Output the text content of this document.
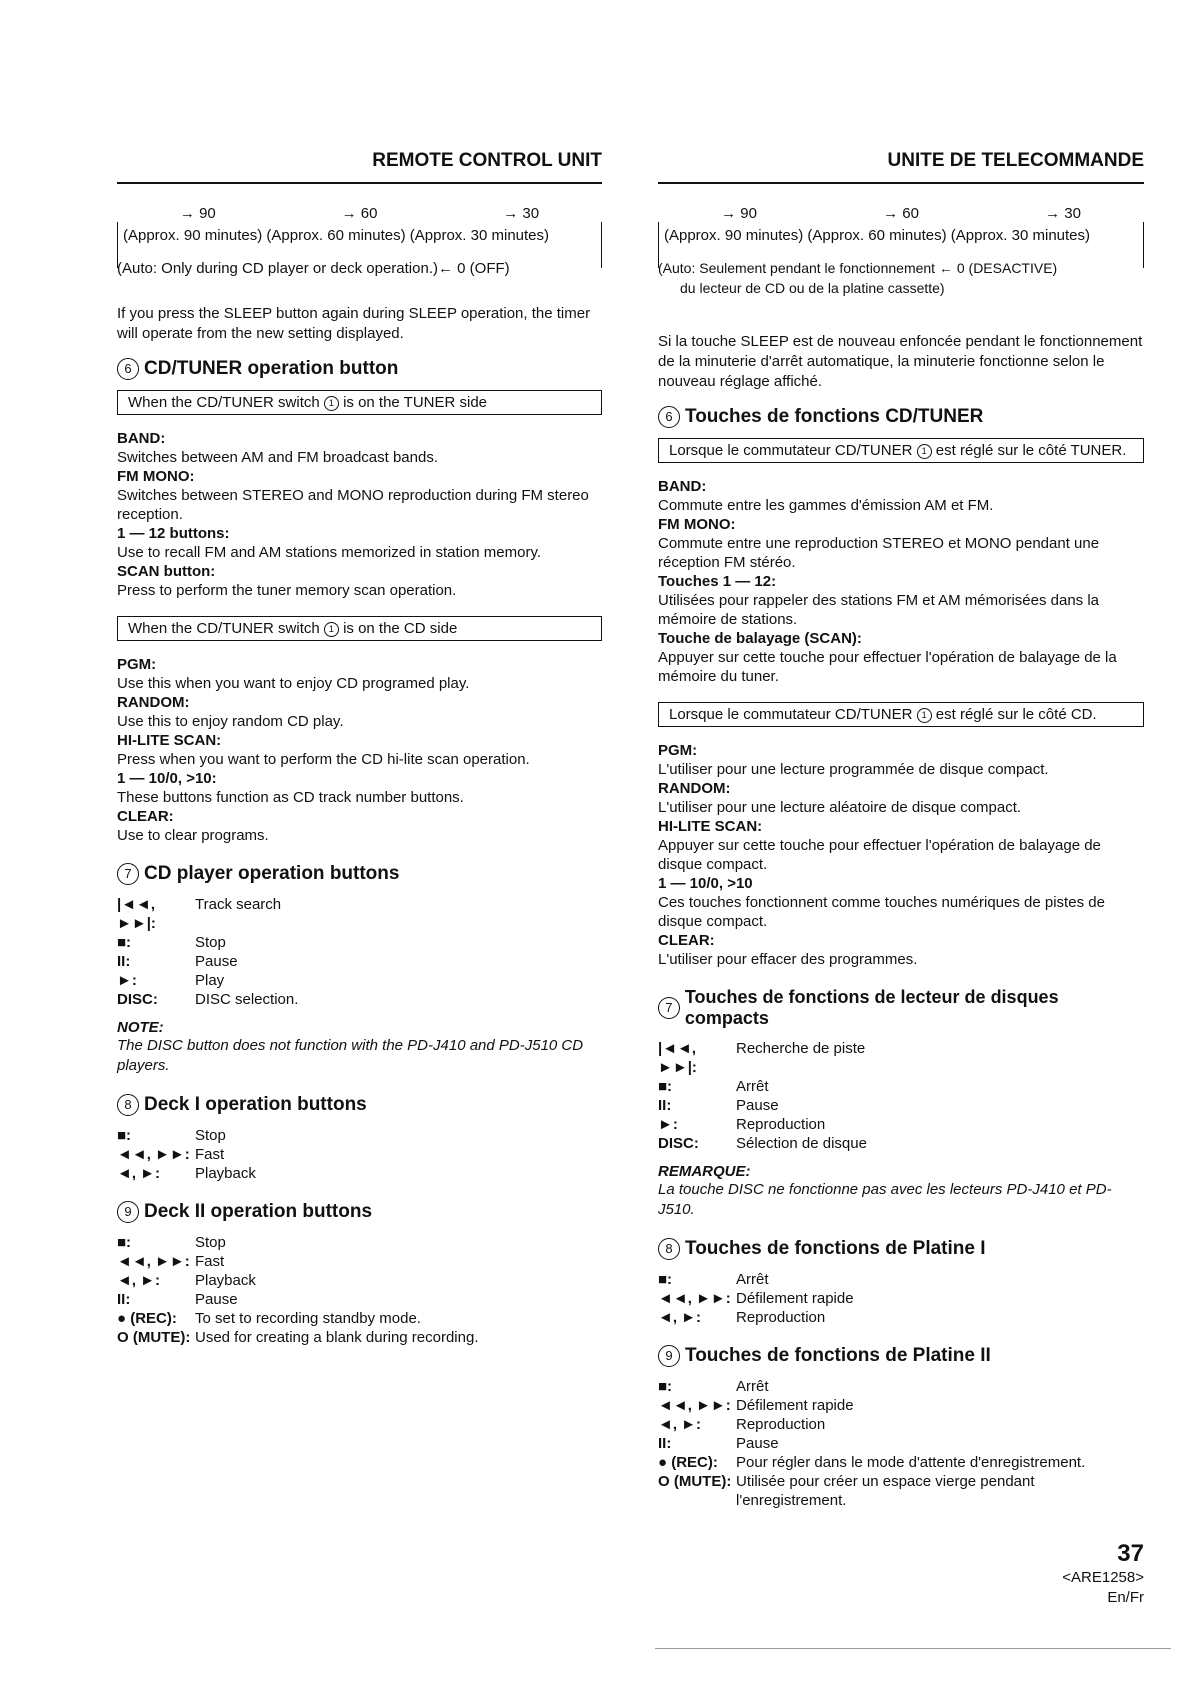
REMOTE CONTROL UNIT
→ 90	→ 60	→ 30
(Approx. 90 minutes) (Approx. 60 minutes) (Approx. 30 minutes)
(Auto: Only during CD player or deck operation.)← 0 (OFF)

If you press the SLEEP button again during SLEEP operation, the timer will operate from the new setting displayed.

6 CD/TUNER operation button
When the CD/TUNER switch 1 is on the TUNER side
BAND:
Switches between AM and FM broadcast bands.
FM MONO:
Switches between STEREO and MONO reproduction during FM stereo reception.
1 — 12 buttons:
Use to recall FM and AM stations memorized in station memory.
SCAN button:
Press to perform the tuner memory scan operation.
When the CD/TUNER switch 1 is on the CD side
PGM:
Use this when you want to enjoy CD programed play.
RANDOM:
Use this to enjoy random CD play.
HI-LITE SCAN:
Press when you want to perform the CD hi-lite scan operation.
1 — 10/0, >10:
These buttons function as CD track number buttons.
CLEAR:
Use to clear programs.
7 CD player operation buttons
|◄◄, ►►|:
Track search
■:	Stop
II:	Pause
►:	Play
DISC:	DISC selection.
NOTE:
The DISC button does not function with the PD-J410 and PD-J510 CD players.
8 Deck I operation buttons
■:	Stop
◄◄, ►►: Fast
◄, ►:	Playback
9 Deck II operation buttons
■:	Stop
◄◄, ►►: Fast
◄, ►:	Playback
II:	Pause
● (REC):	To set to recording standby mode.
O (MUTE): Used for creating a blank during recording.
UNITE DE TELECOMMANDE
→ 90	→ 60	→ 30
(Approx. 90 minutes) (Approx. 60 minutes) (Approx. 30 minutes)
(Auto: Seulement pendant le fonctionnement ← 0 (DESACTIVE)
du lecteur de CD ou de la platine cassette)

Si la touche SLEEP est de nouveau enfoncée pendant le fonctionnement de la minuterie d'arrêt automatique, la minuterie fonctionne selon le nouveau réglage affiché.

6 Touches de fonctions CD/TUNER
Lorsque le commutateur CD/TUNER 1 est réglé sur le côté TUNER.
BAND:
Commute entre les gammes d'émission AM et FM.
FM MONO:
Commute entre une reproduction STEREO et MONO pendant une réception FM stéréo.
Touches 1 — 12:
Utilisées pour rappeler des stations FM et AM mémorisées dans la mémoire de stations.
Touche de balayage (SCAN):
Appuyer sur cette touche pour effectuer l'opération de balayage de la mémoire du tuner.
Lorsque le commutateur CD/TUNER 1 est réglé sur le côté CD.
PGM:
L'utiliser pour une lecture programmée de disque compact.
RANDOM:
L'utiliser pour une lecture aléatoire de disque compact.
HI-LITE SCAN:
Appuyer sur cette touche pour effectuer l'opération de balayage de disque compact.
1 — 10/0, >10
Ces touches fonctionnent comme touches numériques de pistes de disque compact.
CLEAR:
L'utiliser pour effacer des programmes.
7
Touches de fonctions de lecteur de disques compacts
|◄◄, ►►|:
Recherche de piste
■:	Arrêt
II:	Pause
►:	Reproduction
DISC:	Sélection de disque
REMARQUE:
La touche DISC ne fonctionne pas avec les lecteurs PD-J410 et PD-J510.
8 Touches de fonctions de Platine I
■:	Arrêt
◄◄, ►►: Défilement rapide
◄, ►:	Reproduction
9 Touches de fonctions de Platine II
■:	Arrêt
◄◄, ►►: Défilement rapide
◄, ►:	Reproduction
II:	Pause
● (REC):	Pour régler dans le mode d'attente d'enregistrement.
O (MUTE): Utilisée pour créer un espace vierge pendant l'enregistrement.
37
<ARE1258>
En/Fr
